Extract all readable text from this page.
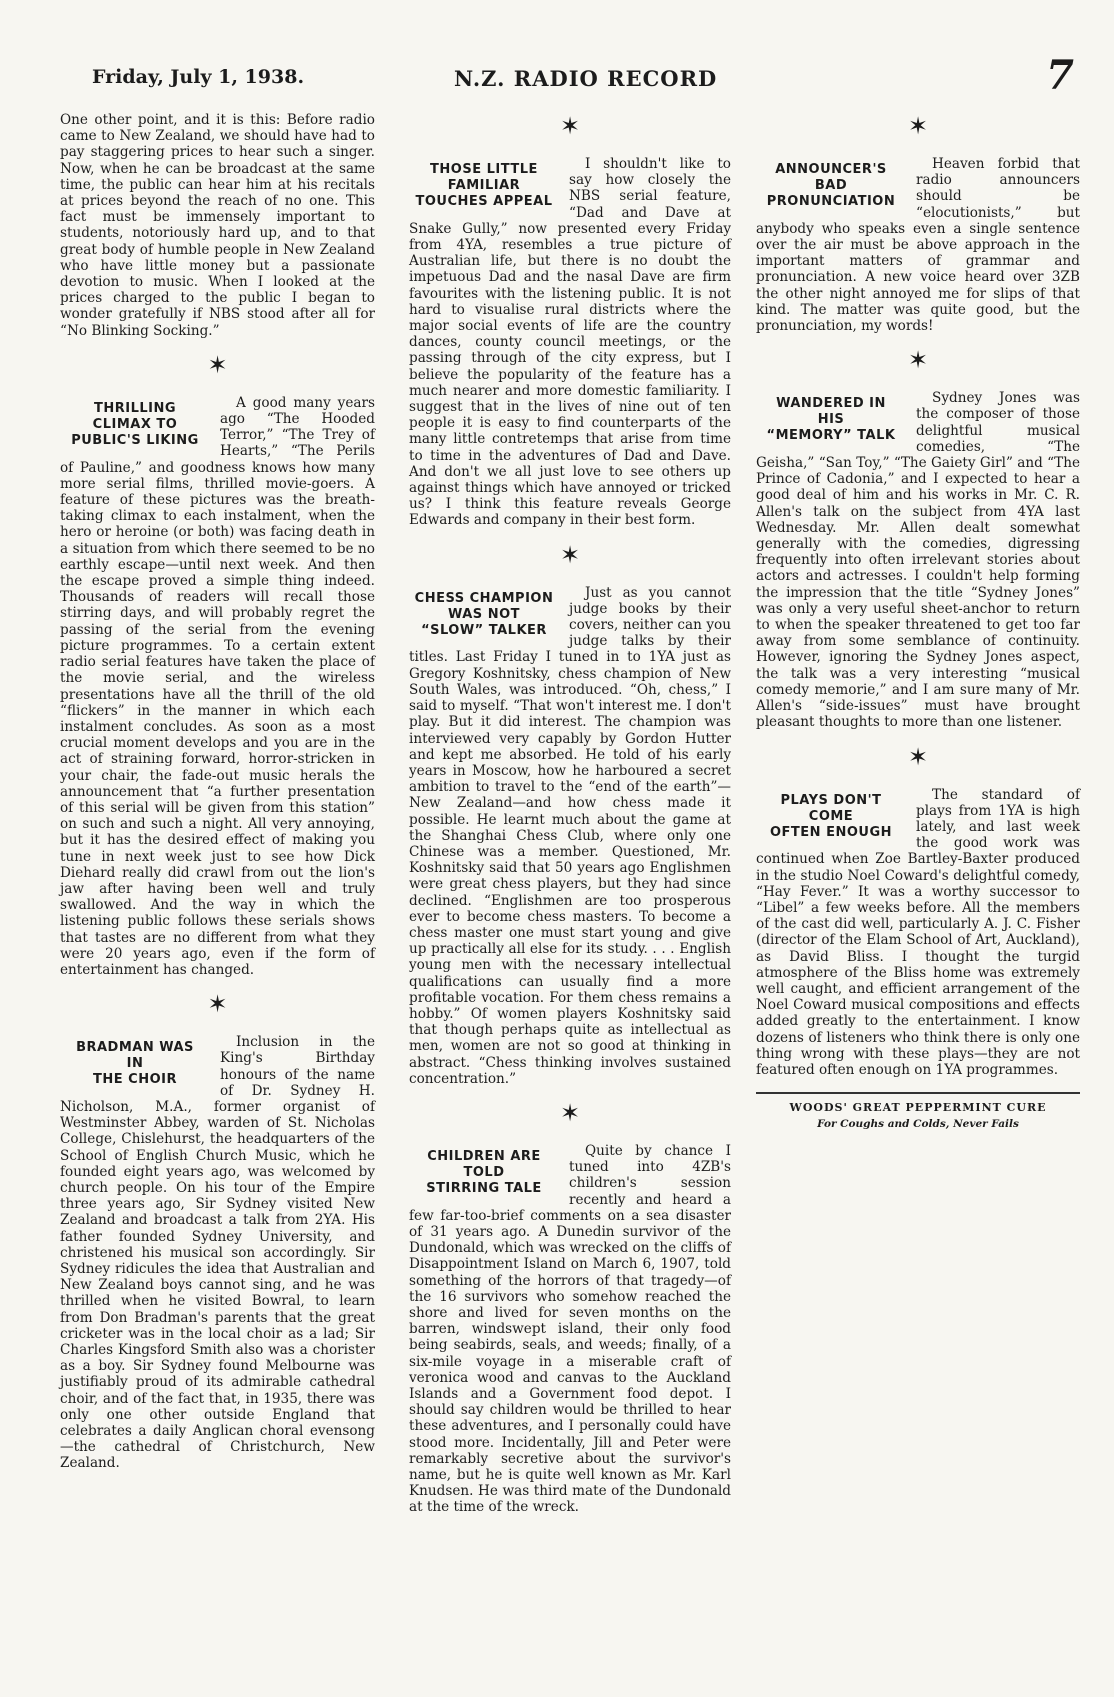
Friday, July 1, 1938.	N.Z. RADIO RECORD	7

One other point, and it is this: Before radio came to New Zealand, we should have had to pay staggering prices to hear such a singer. Now, when he can be broadcast at the same time, the public can hear him at his recitals at prices beyond the reach of no one. This fact must be immensely important to students, notoriously hard up, and to that great body of humble people in New Zealand who have little money but a passionate devotion to music. When I looked at the prices charged to the public I began to wonder gratefully if NBS stood after all for “No Blinking Socking.”

✶
THRILLING
CLIMAX TO
PUBLIC'S LIKING

A good many years ago “The Hooded Terror,” “The Trey of Hearts,” “The Perils of Pauline,” and goodness knows how many more serial films, thrilled movie-goers. A feature of these pictures was the breath-taking climax to each instalment, when the hero or heroine (or both) was facing death in a situation from which there seemed to be no earthly escape—until next week. And then the escape proved a simple thing indeed. Thousands of readers will recall those stirring days, and will probably regret the passing of the serial from the evening picture programmes. To a certain extent radio serial features have taken the place of the movie serial, and the wireless presentations have all the thrill of the old “flickers” in the manner in which each instalment concludes. As soon as a most crucial moment develops and you are in the act of straining forward, horror-stricken in your chair, the fade-out music herals the announcement that “a further presentation of this serial will be given from this station” on such and such a night. All very annoying, but it has the desired effect of making you tune in next week just to see how Dick Diehard really did crawl from out the lion's jaw after having been well and truly swallowed. And the way in which the listening public follows these serials shows that tastes are no different from what they were 20 years ago, even if the form of entertainment has changed.

✶
BRADMAN WAS
IN
THE CHOIR

Inclusion in the King's Birthday honours of the name of Dr. Sydney H. Nicholson, M.A., former organist of Westminster Abbey, warden of St. Nicholas College, Chislehurst, the headquarters of the School of English Church Music, which he founded eight years ago, was welcomed by church people. On his tour of the Empire three years ago, Sir Sydney visited New Zealand and broadcast a talk from 2YA. His father founded Sydney University, and christened his musical son accordingly. Sir Sydney ridicules the idea that Australian and New Zealand boys cannot sing, and he was thrilled when he visited Bowral, to learn from Don Bradman's parents that the great cricketer was in the local choir as a lad; Sir Charles Kingsford Smith also was a chorister as a boy. Sir Sydney found Melbourne was justifiably proud of its admirable cathedral choir, and of the fact that, in 1935, there was only one other outside England that celebrates a daily Anglican choral evensong—the cathedral of Christchurch, New Zealand.

✶
THOSE LITTLE
FAMILIAR
TOUCHES APPEAL

I shouldn't like to say how closely the NBS serial feature, “Dad and Dave at Snake Gully,” now presented every Friday from 4YA, resembles a true picture of Australian life, but there is no doubt the impetuous Dad and the nasal Dave are firm favourites with the listening public. It is not hard to visualise rural districts where the major social events of life are the country dances, county council meetings, or the passing through of the city express, but I believe the popularity of the feature has a much nearer and more domestic familiarity. I suggest that in the lives of nine out of ten people it is easy to find counterparts of the many little contretemps that arise from time to time in the adventures of Dad and Dave. And don't we all just love to see others up against things which have annoyed or tricked us? I think this feature reveals George Edwards and company in their best form.

✶
CHESS CHAMPION
WAS NOT
“SLOW” TALKER

Just as you cannot judge books by their covers, neither can you judge talks by their titles. Last Friday I tuned in to 1YA just as Gregory Koshnitsky, chess champion of New South Wales, was introduced. “Oh, chess,” I said to myself. “That won't interest me. I don't play. But it did interest. The champion was interviewed very capably by Gordon Hutter and kept me absorbed. He told of his early years in Moscow, how he harboured a secret ambition to travel to the “end of the earth”—New Zealand—and how chess made it possible. He learnt much about the game at the Shanghai Chess Club, where only one Chinese was a member. Questioned, Mr. Koshnitsky said that 50 years ago Englishmen were great chess players, but they had since declined. “Englishmen are too prosperous ever to become chess masters. To become a chess master one must start young and give up practically all else for its study. . . . English young men with the necessary intellectual qualifications can usually find a more profitable vocation. For them chess remains a hobby.” Of women players Koshnitsky said that though perhaps quite as intellectual as men, women are not so good at thinking in abstract. “Chess thinking involves sustained concentration.”

✶
CHILDREN ARE
TOLD
STIRRING TALE

Quite by chance I tuned into 4ZB's children's session recently and heard a few far-too-brief comments on a sea disaster of 31 years ago. A Dunedin survivor of the Dundonald, which was wrecked on the cliffs of Disappointment Island on March 6, 1907, told something of the horrors of that tragedy—of the 16 survivors who somehow reached the shore and lived for seven months on the barren, windswept island, their only food being seabirds, seals, and weeds; finally, of a six-mile voyage in a miserable craft of veronica wood and canvas to the Auckland Islands and a Government food depot. I should say children would be thrilled to hear these adventures, and I personally could have stood more. Incidentally, Jill and Peter were remarkably secretive about the survivor's name, but he is quite well known as Mr. Karl Knudsen. He was third mate of the Dundonald at the time of the wreck.

✶
ANNOUNCER'S
BAD
PRONUNCIATION

Heaven forbid that radio announcers should be “elocutionists,” but anybody who speaks even a single sentence over the air must be above approach in the important matters of grammar and pronunciation. A new voice heard over 3ZB the other night annoyed me for slips of that kind. The matter was quite good, but the pronunciation, my words!

✶
WANDERED IN
HIS
“MEMORY” TALK

Sydney Jones was the composer of those delightful musical comedies, “The Geisha,” “San Toy,” “The Gaiety Girl” and “The Prince of Cadonia,” and I expected to hear a good deal of him and his works in Mr. C. R. Allen's talk on the subject from 4YA last Wednesday. Mr. Allen dealt somewhat generally with the comedies, digressing frequently into often irrelevant stories about actors and actresses. I couldn't help forming the impression that the title “Sydney Jones” was only a very useful sheet-anchor to return to when the speaker threatened to get too far away from some semblance of continuity. However, ignoring the Sydney Jones aspect, the talk was a very interesting “musical comedy memorie,” and I am sure many of Mr. Allen's “side-issues” must have brought pleasant thoughts to more than one listener.

✶
PLAYS DON'T
COME
OFTEN ENOUGH

The standard of plays from 1YA is high lately, and last week the good work was continued when Zoe Bartley-Baxter produced in the studio Noel Coward's delightful comedy, “Hay Fever.” It was a worthy successor to “Libel” a few weeks before. All the members of the cast did well, particularly A. J. C. Fisher (director of the Elam School of Art, Auckland), as David Bliss. I thought the turgid atmosphere of the Bliss home was extremely well caught, and efficient arrangement of the Noel Coward musical compositions and effects added greatly to the entertainment. I know dozens of listeners who think there is only one thing wrong with these plays—they are not featured often enough on 1YA programmes.

WOODS' GREAT PEPPERMINT CURE
For Coughs and Colds, Never Fails
